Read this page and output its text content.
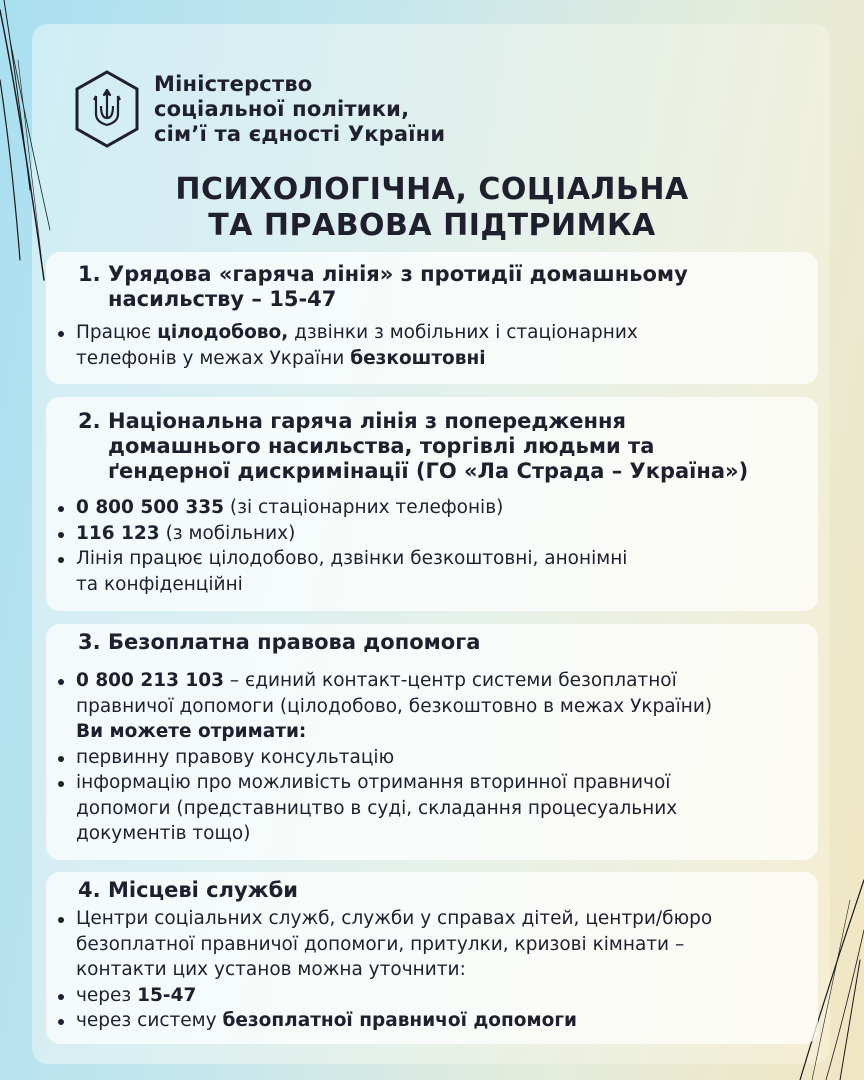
Міністерство
соціальної політики,
сім’ї та єдності України
ПСИХОЛОГІЧНА, СОЦІАЛЬНА
ТА ПРАВОВА ПІДТРИМКА
1. Урядова «гаряча лінія» з протидії домашньому
насильству – 15-47
Працює цілодобово, дзвінки з мобільних і стаціонарних
телефонів у межах України безкоштовні
2. Національна гаряча лінія з попередження
домашнього насильства, торгівлі людьми та
ґендерної дискримінації (ГО «Ла Страда – Україна»)
0 800 500 335 (зі стаціонарних телефонів)
116 123 (з мобільних)
Лінія працює цілодобово, дзвінки безкоштовні, анонімні
та конфіденційні
3. Безоплатна правова допомога
0 800 213 103 – єдиний контакт-центр системи безоплатної
правничої допомоги (цілодобово, безкоштовно в межах України)
Ви можете отримати:
первинну правову консультацію
інформацію про можливість отримання вторинної правничої
допомоги (представництво в суді, складання процесуальних
документів тощо)
4. Місцеві служби
Центри соціальних служб, служби у справах дітей, центри/бюро
безоплатної правничої допомоги, притулки, кризові кімнати –
контакти цих установ можна уточнити:
через 15-47
через систему безоплатної правничої допомоги
